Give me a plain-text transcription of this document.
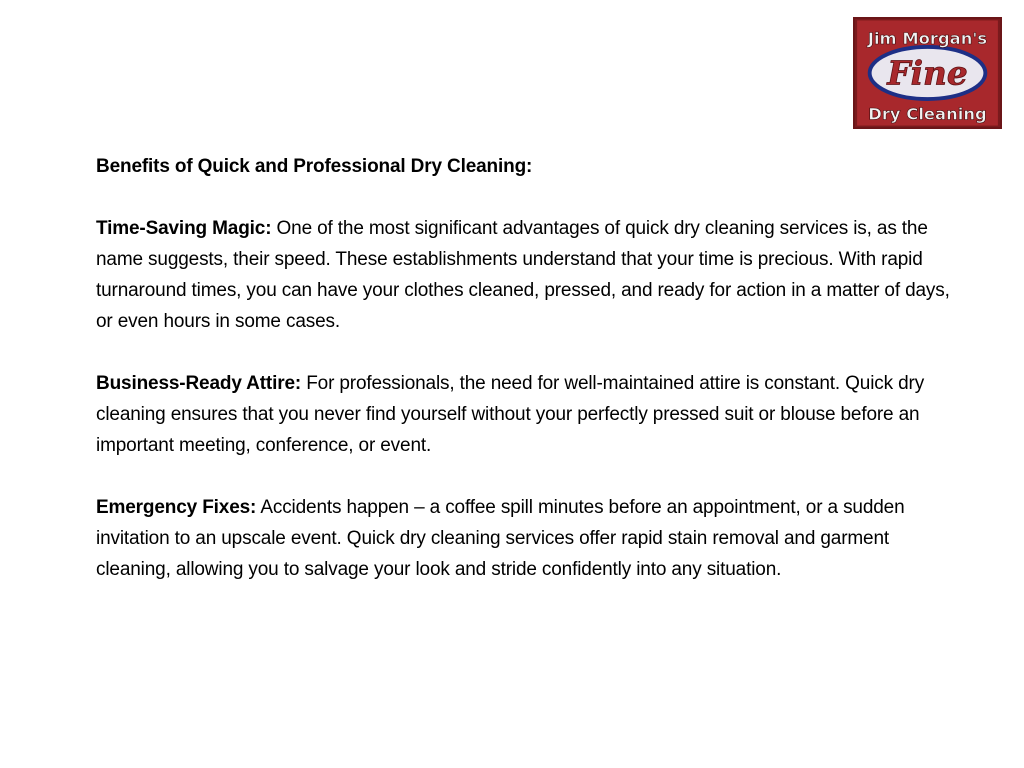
Jim Morgan's
Fine
Dry Cleaning
Benefits of Quick and Professional Dry Cleaning:

Time-Saving Magic: One of the most significant advantages of quick dry cleaning services is, as the name suggests, their speed. These establishments understand that your time is precious. With rapid turnaround times, you can have your clothes cleaned, pressed, and ready for action in a matter of days, or even hours in some cases.

Business-Ready Attire: For professionals, the need for well-maintained attire is constant. Quick dry cleaning ensures that you never find yourself without your perfectly pressed suit or blouse before an important meeting, conference, or event.

Emergency Fixes: Accidents happen – a coffee spill minutes before an appointment, or a sudden invitation to an upscale event. Quick dry cleaning services offer rapid stain removal and garment cleaning, allowing you to salvage your look and stride confidently into any situation.
